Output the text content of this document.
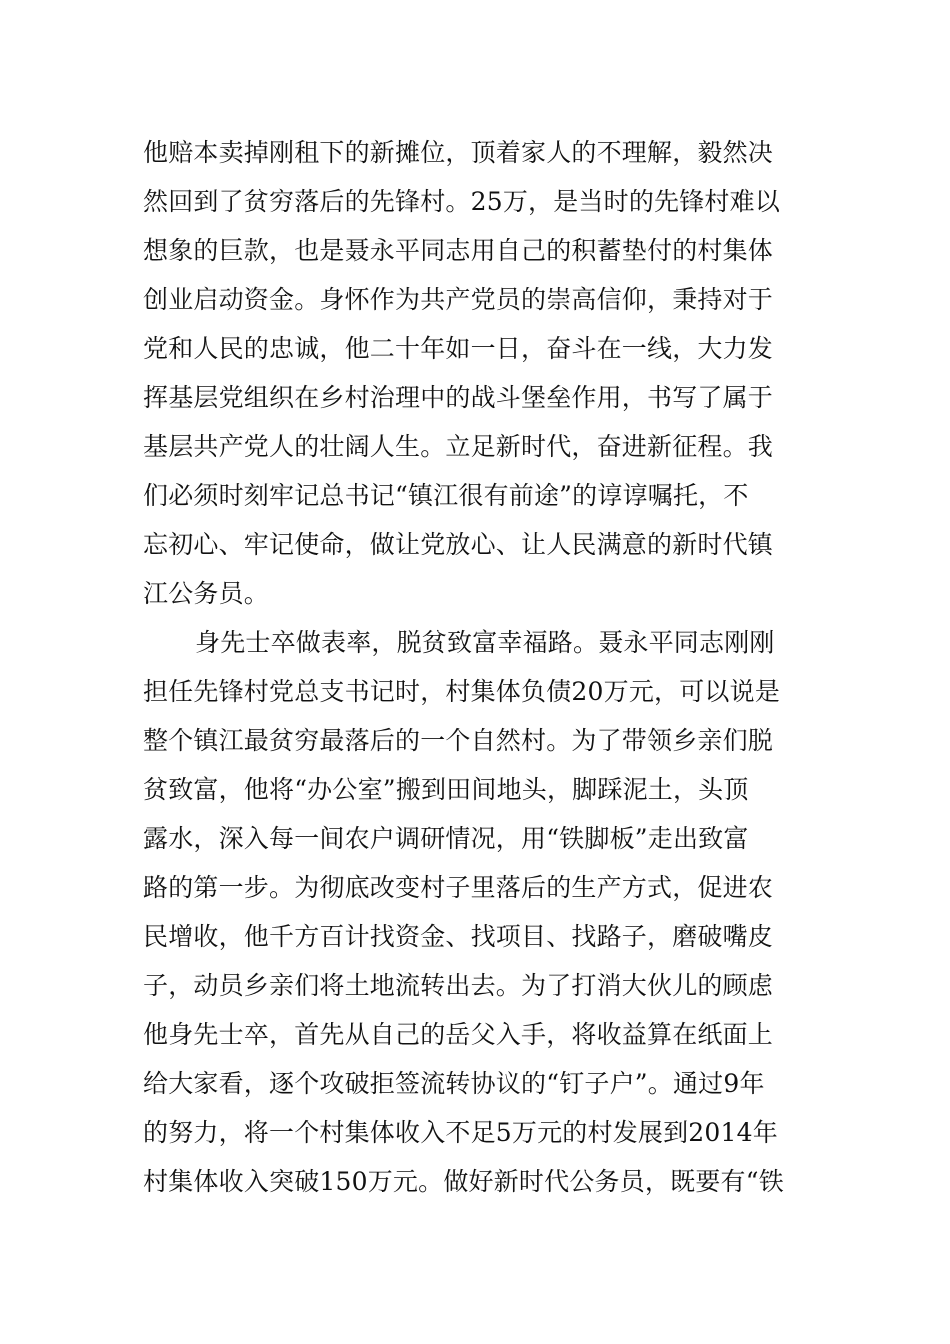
他赔本卖掉刚租下的新摊位，顶着家人的不理解，毅然决
然回到了贫穷落后的先锋村。25万，是当时的先锋村难以
想象的巨款，也是聂永平同志用自己的积蓄垫付的村集体
创业启动资金。身怀作为共产党员的崇高信仰，秉持对于
党和人民的忠诚，他二十年如一日，奋斗在一线，大力发
挥基层党组织在乡村治理中的战斗堡垒作用，书写了属于
基层共产党人的壮阔人生。立足新时代，奋进新征程。我
们必须时刻牢记总书记“镇江很有前途”的谆谆嘱托，不
忘初心、牢记使命，做让党放心、让人民满意的新时代镇
江公务员。
身先士卒做表率，脱贫致富幸福路。聂永平同志刚刚
担任先锋村党总支书记时，村集体负债20万元，可以说是
整个镇江最贫穷最落后的一个自然村。为了带领乡亲们脱
贫致富，他将“办公室”搬到田间地头，脚踩泥土，头顶
露水，深入每一间农户调研情况，用“铁脚板”走出致富
路的第一步。为彻底改变村子里落后的生产方式，促进农
民增收，他千方百计找资金、找项目、找路子，磨破嘴皮
子，动员乡亲们将土地流转出去。为了打消大伙儿的顾虑
他身先士卒，首先从自己的岳父入手，将收益算在纸面上
给大家看，逐个攻破拒签流转协议的“钉子户”。通过9年
的努力，将一个村集体收入不足5万元的村发展到2014年
村集体收入突破150万元。做好新时代公务员，既要有“铁
